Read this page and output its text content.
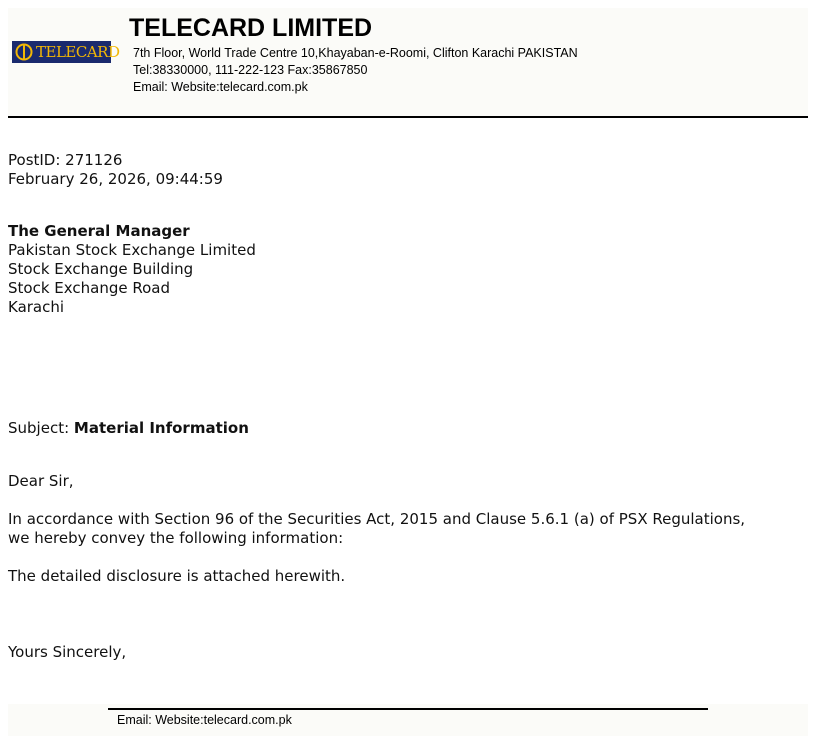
TELECARD
TELECARD LIMITED
7th Floor, World Trade Centre 10,Khayaban-e-Roomi, Clifton Karachi PAKISTAN
Tel:38330000, 111-222-123 Fax:35867850
Email: Website:telecard.com.pk
PostID: 271126
February 26, 2026, 09:44:59
The General Manager
Pakistan Stock Exchange Limited
Stock Exchange Building
Stock Exchange Road
Karachi
Subject: Material Information
Dear Sir,
In accordance with Section 96 of the Securities Act, 2015 and Clause 5.6.1 (a) of PSX Regulations,
we hereby convey the following information:
The detailed disclosure is attached herewith.
Yours Sincerely,
Email: Website:telecard.com.pk
